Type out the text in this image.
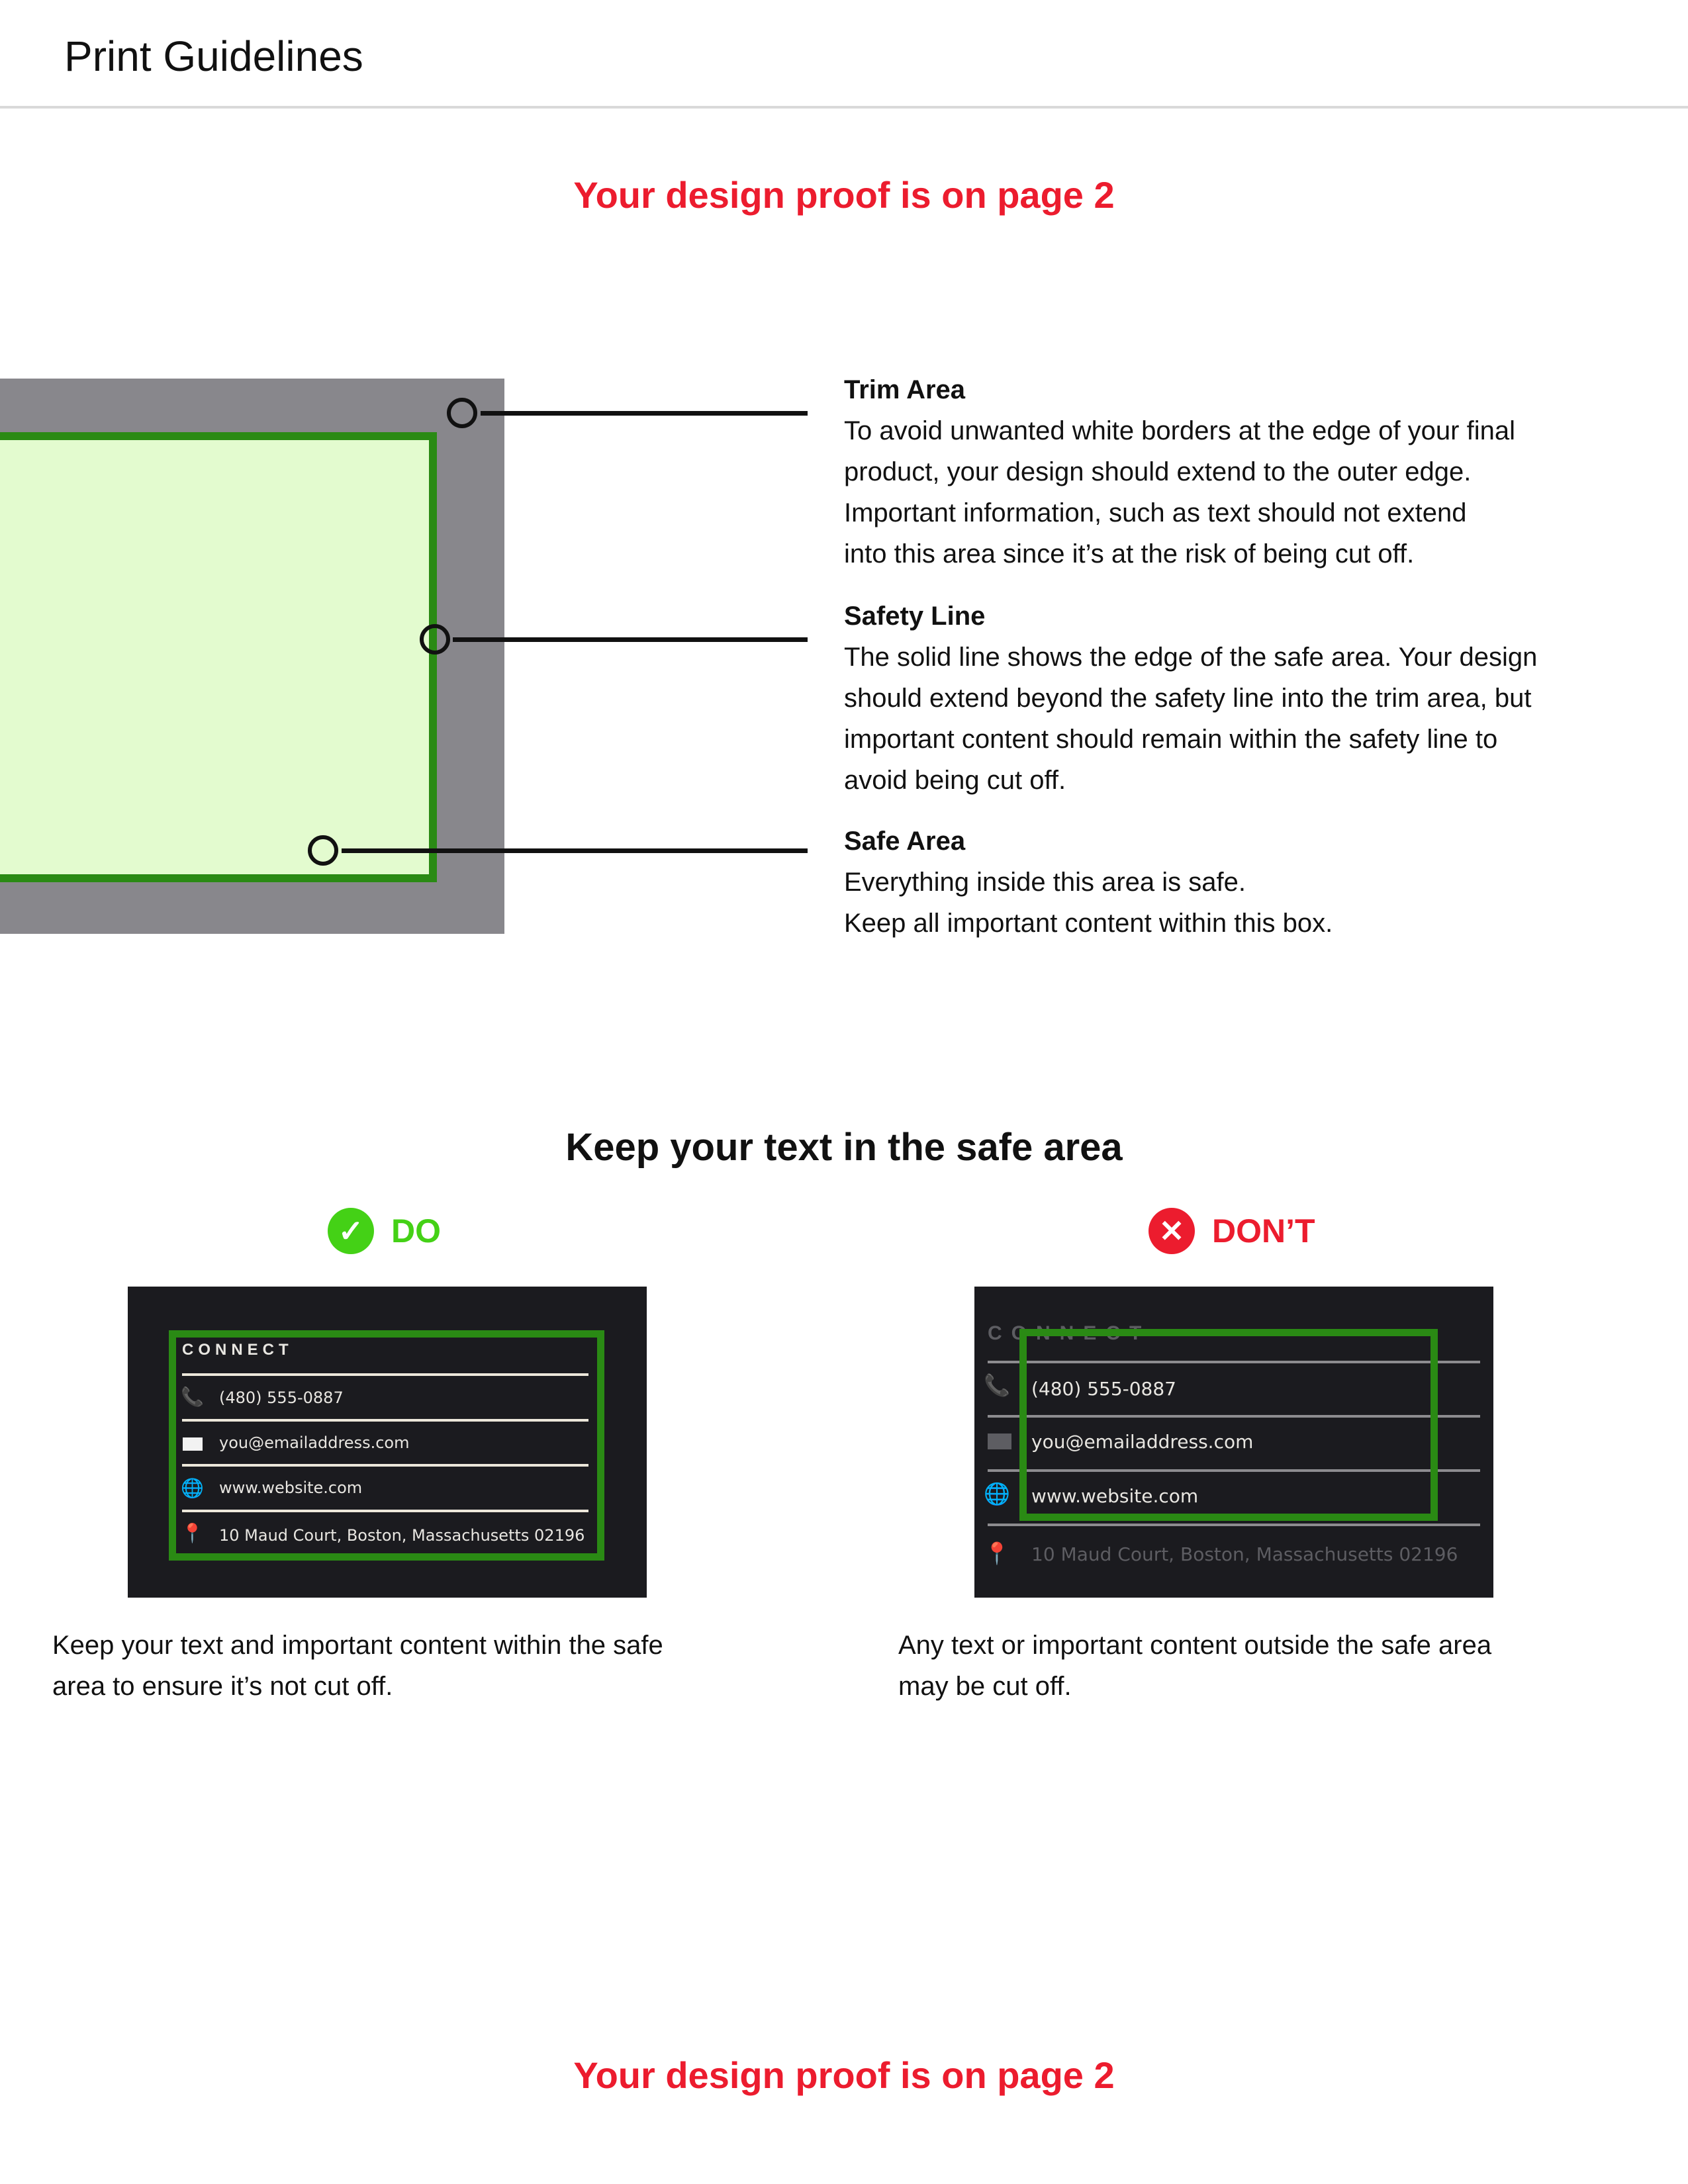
Print Guidelines
Your design proof is on page 2

Trim Area

To avoid unwanted white borders at the edge of your final

product, your design should extend to the outer edge.

Important information, such as text should not extend

into this area since it’s at the risk of being cut off.

Safety Line

The solid line shows the edge of the safe area. Your design

should extend beyond the safety line into the trim area, but

important content should remain within the safety line to

avoid being cut off.

Safe Area

Everything inside this area is safe.

Keep all important content within this box.

Keep your text in the safe area
✓ DO	✕ DON’T
CONNECT
📞 (480) 555-0887
you@emailaddress.com
🌐 www.website.com
📍 10 Maud Court, Boston, Massachusetts 02196
CONNECT
📞 (480) 555-0887
you@emailaddress.com
🌐 www.website.com
📍 10 Maud Court, Boston, Massachusetts 02196
Keep your text and important content within the safe
area to ensure it’s not cut off.
Any text or important content outside the safe area
may be cut off.
Your design proof is on page 2
